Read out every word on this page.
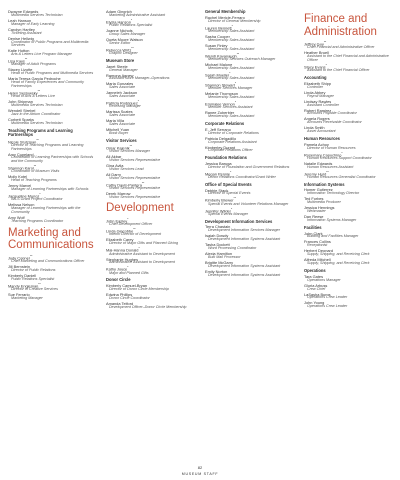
Dwayne Edwards
Multimedia Services Technician
Leah Hanson
Manager of Early Learning
Carolyn Hartley
Ticketing Assistant
Denise Hellwig
Coordinator of Public Programs and Multimedia Services
Katie Hutton
Arts & Letters Live Program Manager
Lisa Kays**
Manager of Adult Programs
Stacey Lizotte
Head of Public Programs and Multimedia Services
Maria Teresa Garcia Pedroche
Head of Family Experiences and Community Partnerships
Helen Seslowsky**
Head of Arts & Letters Live
John Shipman
Multimedia Services Technician
Wendell Strebel
Jazz in the Atrium Coordinator
Corbett Sparks
Multimedia Services Technician
Teaching Programs and Learning Partnerships
Nicole Stutzman**
Director of Teaching Programs and Learning Partnerships
Amy Copeland
Coordinator of Learning Partnerships with Schools and the Community
Shannon Karol**
Coordinator of Museum Visits
Molly Kotel
Head of Teaching Programs
Jenny Marvel
Manager of Learning Partnerships with Schools
Jacqueline Munoz*
IMLS Grant Project Coordinator
Melissa Nelson
Manager of Learning Partnerships with the Community
Amy Wolf
Teaching Programs Coordinator
Marketing and Communications
Judy Conner**
Chief Marketing and Communications Officer
Jill Bernstein
Director of Public Relations
Kimberly Daniell
Public Relations Specialist
Mandy Engleman**
Director of Creative Services
Sue Ferrario
Marketing Manager
Adam Gingrich
Marketing Administrative Assistant
Elysia Hanson*
Public Relations Specialist
Joanne Nichols
Group Sales Manager
Queta Moore Watson
Senior Editor
Rebecca Wirtz**
Graphic Designer
Museum Store
Janet Steele
General Manager
Ramona Agnew
Assistant Store Manager–Operations
Maria Gonzales
Sales Associate
Janneleh Jackson
Sales Associate
Patricia Rodriguez*
Receiving Manager
Marissa Scates
Sales Associate
Maria Villa
Sales Associate
Mitchell Yuan
Book Buyer
Visitor Services
Omar Kalenik**
Visitor Services Manager
Ali Akbar
Visitor Services Representative
Gina Avila
Visitor Services Lead
Ali Darry
Visitor Services Representative
Cathy Davis-Pantera**
Visitor Services Representative
Derek Marrow
Visitor Services Representative
Development
John Easley*
Chief Development Officer
Linda Giacobbe**
Interim Director of Development
Elizabeth Carey
Director of Major Gifts and Planned Giving
Mai-Hanna Donald*
Administrative Assistant to Development
Stephanie Hughes
Administrative Assistant to Development
Kathy Joyce*
Major and Planned Gifts
Donor Circle
Kimberly Camuel-Bryan
Director of Donor Circle Membership
Edwina Phillips
Donor Circle Coordinator
Amanda Telford
Development Officer–Donor Circle Membership
General Membership
Rachel Mericle-Ferraro
Director of General Membership
Lauren Bennett*
Membership Sales Assistant
Sasha Cooper
Membership Sales Assistant
Susan Finley
Membership Sales Assistant
Wendi Kavanaugh**
Membership Services Outreach Manager
Michael Malone
Membership Sales Assistant
Sarah Mueller*
Membership Sales Assistant
Shannon Stewart*
Member Services Manager
Melanie Thompson
Membership Sales Assistant
Emmalee Vernon*
Member Services Assistant
Ranee Zuberbier
Membership Sales Assistant
Corporate Relations
E. Jeff Serrano
Director of Corporate Relations
Patricia Delgadillo
Corporate Relations Assistant
Kimberley Durant
Corporate Relations Officer
Foundation Relations
Jessica Baruga
Director of Foundation and Government Relations
Megan Pennie*
Donor Relations Coordinator/Grant Writer
Office of Special Events
Debbie Stack
Director of Special Events
Kimberly Brewer**
Special Events and Volunteer Relations Manager
Jennifer Wilder*
Special Events Manager
Development Information Services
Terra Chastain
Development Information Services Manager
Isaiah Dowdy
Development Information Systems Assistant
Tasha Dockett
Word Processing Coordinator
Alexia Hamilton
Bulk Mail Processor
Brigitte McGarry
Development Information Systems Assistant
Emily Norton
Development Information Systems Assistant
Finance and Administration
Jeffrey Guy**
Chief Financial and Administrative Officer
Heather Bruell
Assistant to the Chief Financial and Administrative Officer
Stacy Evans*
Assistant to the Chief Financial Officer
Accounting
Elizabeth Shipp
Controller
Linda Abbey
Payroll Manager
Lindsay Rawles
Assistant Controller
Robert Ramirez
Accounts Payable Coordinator
Angela Rogers
Accounts Receivable Coordinator
Linda Smith
Asset Accountant
Human Resources
Pamela Achoy
Director of Human Resources
Rosemary Capuchino*
Human Resources Support Coordinator
Natalie Edwards
Human Resources Assistant
Jeremy Hurd**
Human Resources Generalist Coordinator
Information Systems
Homer Gutierrez
Information Technology Director
Ted Forbes
Multimedia Producer
Jessica Hennings
Webmaster
Dan Reese
Information Systems Manager
Facilities
John Clark
Building and Facilities Manager
Frances Collins
Receptionist
Herbert Deonard
Supply, Shipping, and Receiving Clerk
Alfreda Mitchell
Supply, Shipping, and Receiving Clerk
Operations
Tara Gates
Operations Manager
Gloria Arbuss
Crew Chief
LaSasha Burns
Operations Crew Leader
John Young
Operations Crew Leader
82
MUSEUM STAFF
